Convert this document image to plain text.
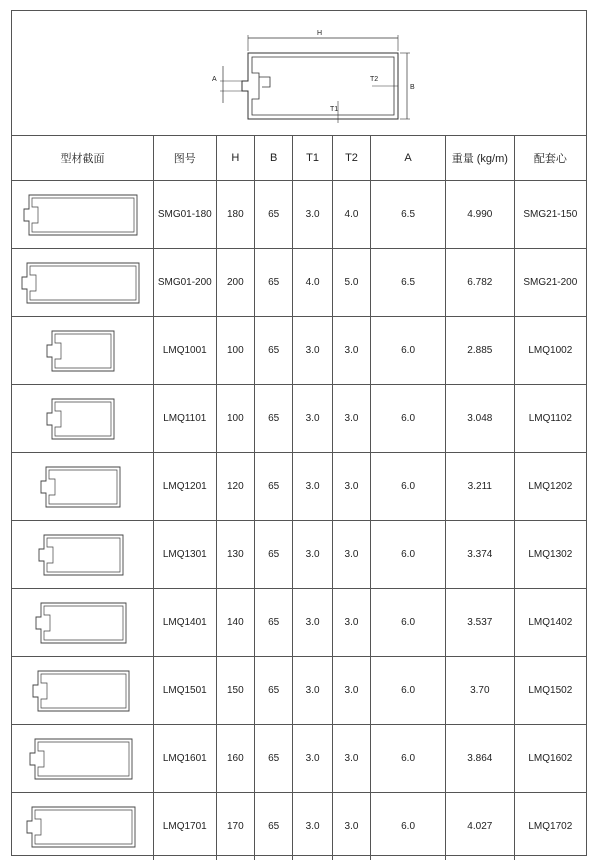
H
A	T2
B
T1
型材截面	图号	H	B	T1	T2	A	重量 (kg/m)	配套心

	SMG01-180	180	65	3.0	4.0	6.5	4.990	SMG21-150

	SMG01-200	200	65	4.0	5.0	6.5	6.782	SMG21-200

	LMQ1001	100	65	3.0	3.0	6.0	2.885	LMQ1002

	LMQ1101	100	65	3.0	3.0	6.0	3.048	LMQ1102

	LMQ1201	120	65	3.0	3.0	6.0	3.211	LMQ1202

	LMQ1301	130	65	3.0	3.0	6.0	3.374	LMQ1302

	LMQ1401	140	65	3.0	3.0	6.0	3.537	LMQ1402

	LMQ1501	150	65	3.0	3.0	6.0	3.70	LMQ1502

	LMQ1601	160	65	3.0	3.0	6.0	3.864	LMQ1602

	LMQ1701	170	65	3.0	3.0	6.0	4.027	LMQ1702
